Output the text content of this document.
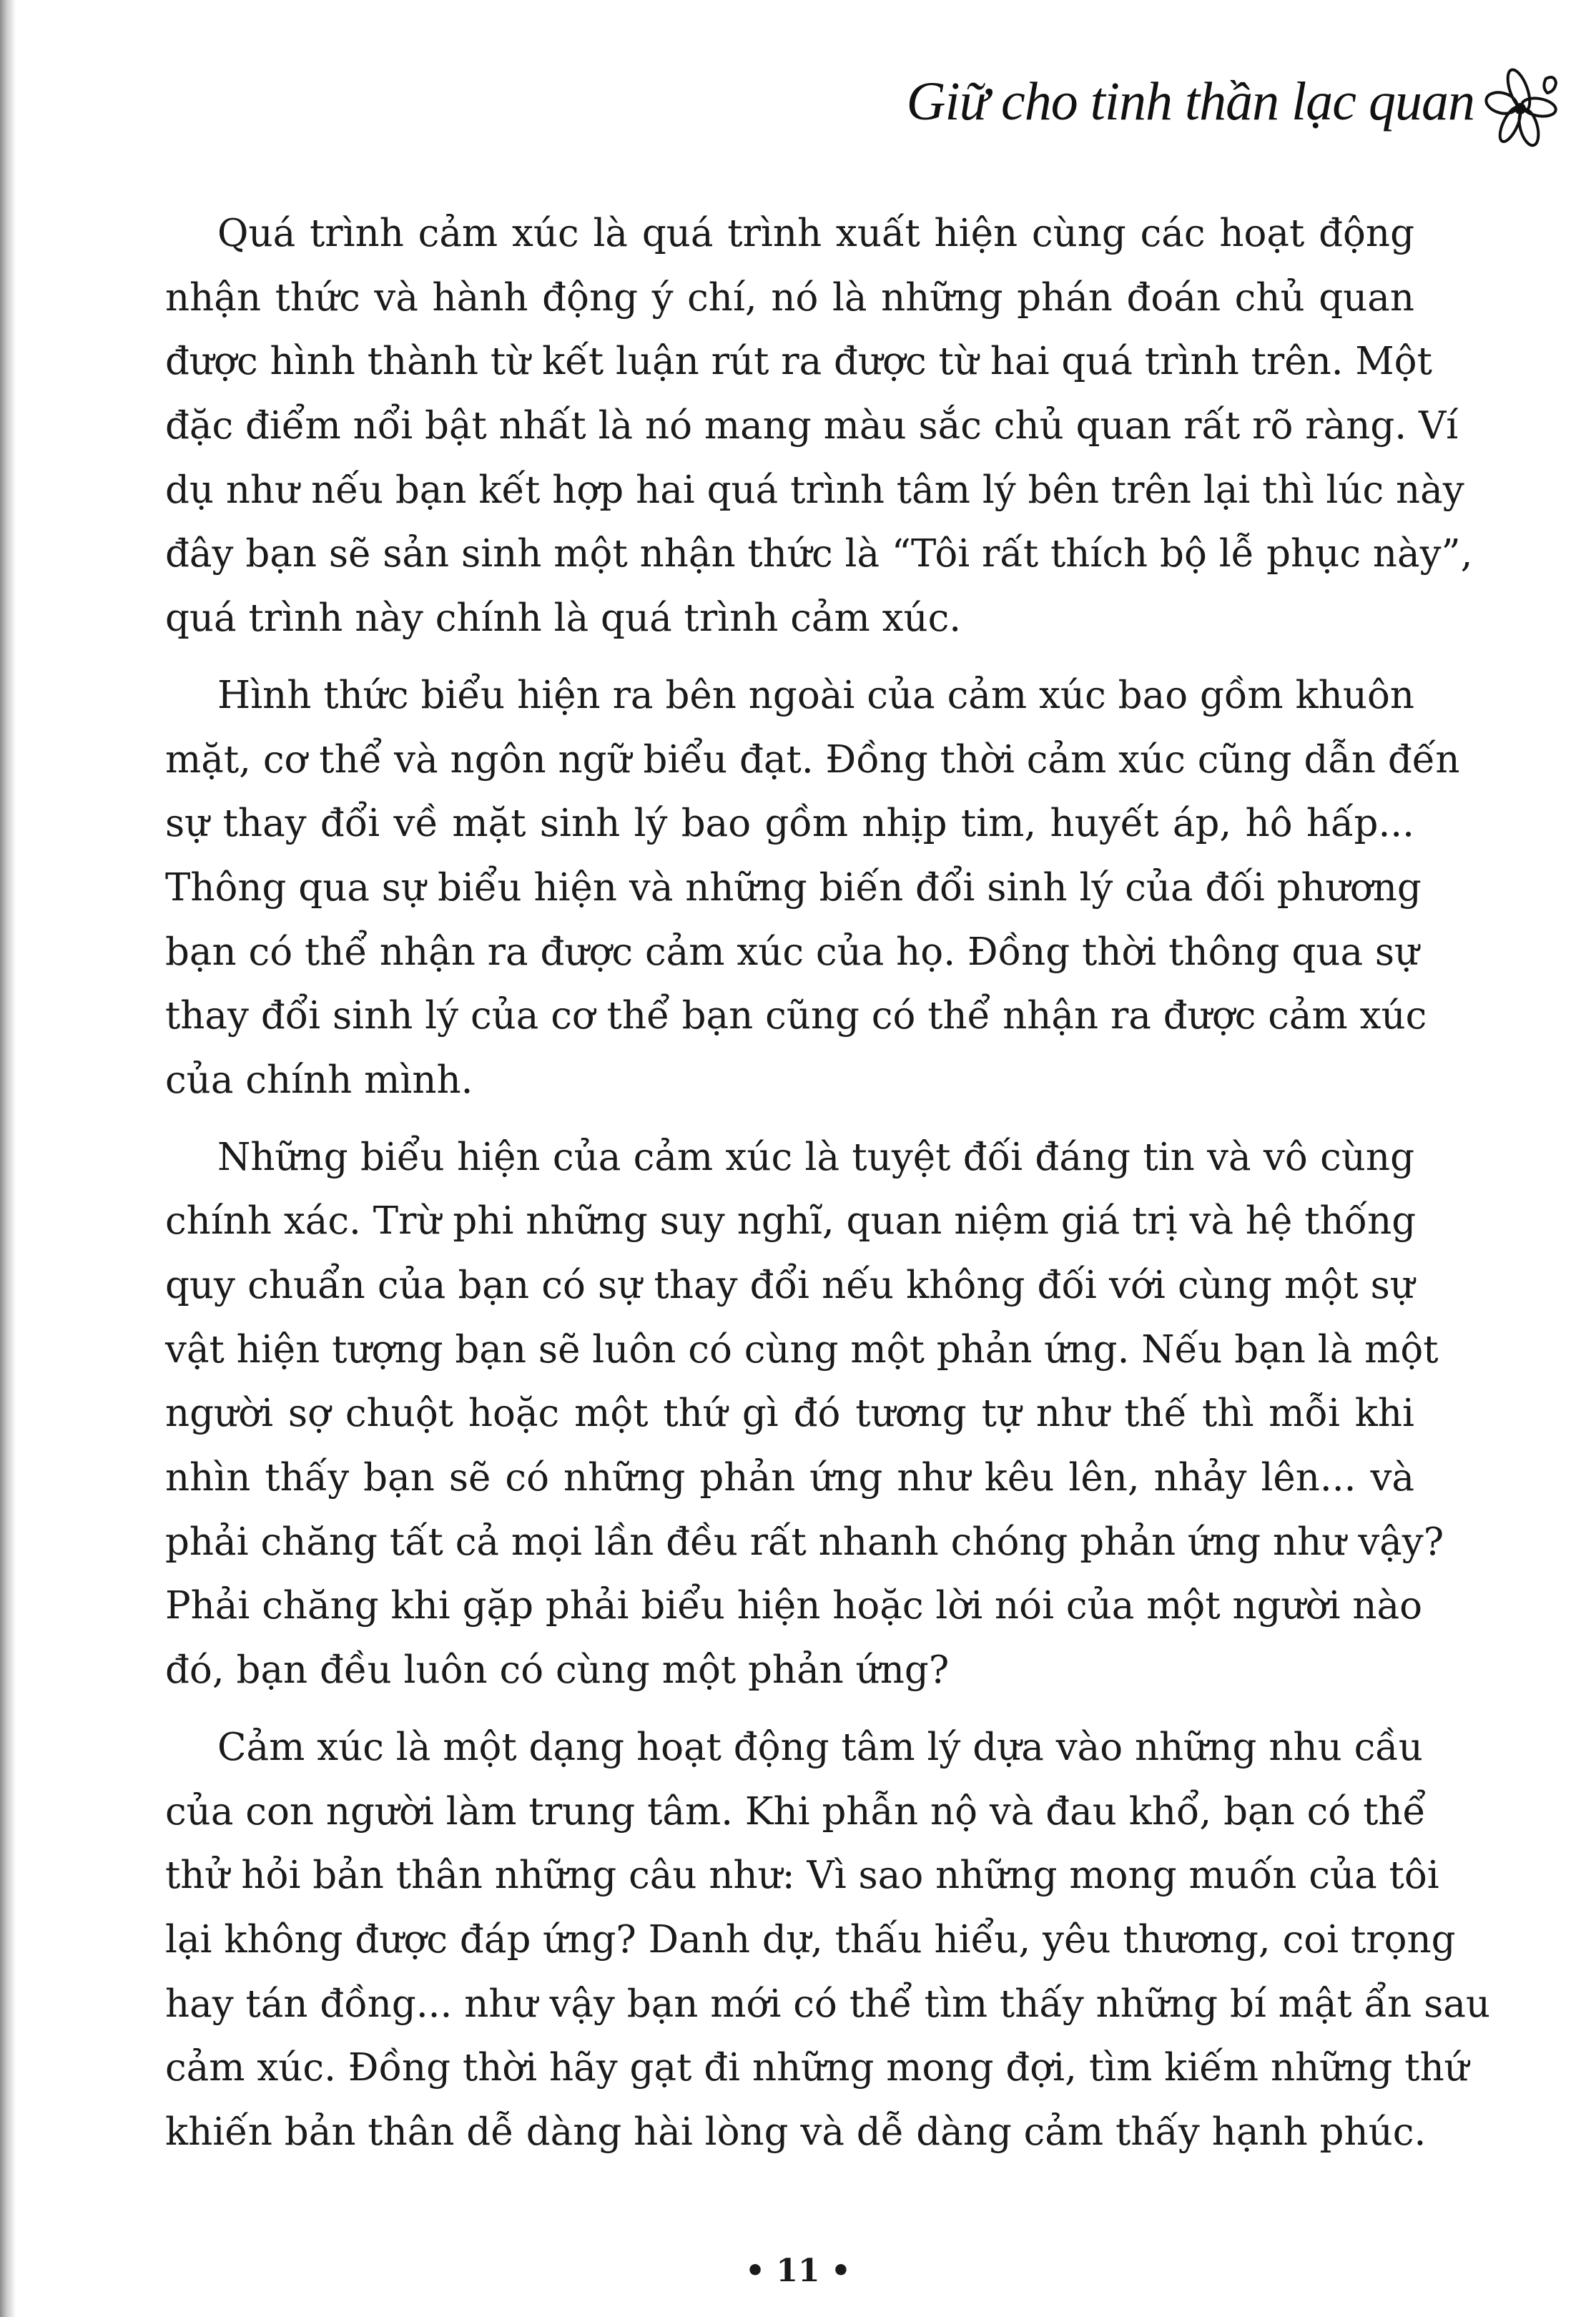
Giữ cho tinh thần lạc quan
Quá trình cảm xúc là quá trình xuất hiện cùng các hoạt động
nhận thức và hành động ý chí, nó là những phán đoán chủ quan
được hình thành từ kết luận rút ra được từ hai quá trình trên. Một
đặc điểm nổi bật nhất là nó mang màu sắc chủ quan rất rõ ràng. Ví
dụ như nếu bạn kết hợp hai quá trình tâm lý bên trên lại thì lúc này
đây bạn sẽ sản sinh một nhận thức là “Tôi rất thích bộ lễ phục này”,
quá trình này chính là quá trình cảm xúc.
Hình thức biểu hiện ra bên ngoài của cảm xúc bao gồm khuôn
mặt, cơ thể và ngôn ngữ biểu đạt. Đồng thời cảm xúc cũng dẫn đến
sự thay đổi về mặt sinh lý bao gồm nhịp tim, huyết áp, hô hấp...
Thông qua sự biểu hiện và những biến đổi sinh lý của đối phương
bạn có thể nhận ra được cảm xúc của họ. Đồng thời thông qua sự
thay đổi sinh lý của cơ thể bạn cũng có thể nhận ra được cảm xúc
của chính mình.
Những biểu hiện của cảm xúc là tuyệt đối đáng tin và vô cùng
chính xác. Trừ phi những suy nghĩ, quan niệm giá trị và hệ thống
quy chuẩn của bạn có sự thay đổi nếu không đối với cùng một sự
vật hiện tượng bạn sẽ luôn có cùng một phản ứng. Nếu bạn là một
người sợ chuột hoặc một thứ gì đó tương tự như thế thì mỗi khi
nhìn thấy bạn sẽ có những phản ứng như kêu lên, nhảy lên... và
phải chăng tất cả mọi lần đều rất nhanh chóng phản ứng như vậy?
Phải chăng khi gặp phải biểu hiện hoặc lời nói của một người nào
đó, bạn đều luôn có cùng một phản ứng?
Cảm xúc là một dạng hoạt động tâm lý dựa vào những nhu cầu
của con người làm trung tâm. Khi phẫn nộ và đau khổ, bạn có thể
thử hỏi bản thân những câu như: Vì sao những mong muốn của tôi
lại không được đáp ứng? Danh dự, thấu hiểu, yêu thương, coi trọng
hay tán đồng... như vậy bạn mới có thể tìm thấy những bí mật ẩn sau
cảm xúc. Đồng thời hãy gạt đi những mong đợi, tìm kiếm những thứ
khiến bản thân dễ dàng hài lòng và dễ dàng cảm thấy hạnh phúc.
• 11 •
